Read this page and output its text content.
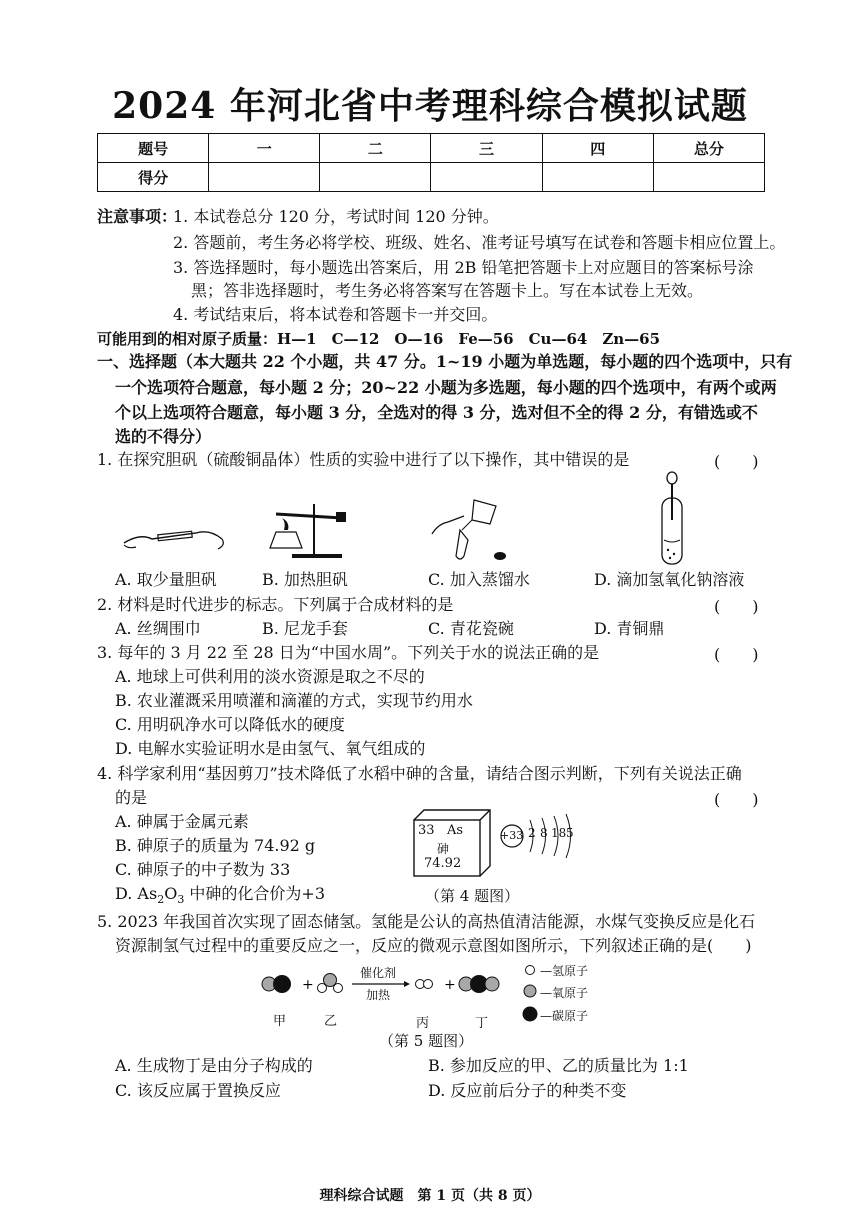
2024 年河北省中考理科综合模拟试题
题号	一	二	三	四	总分
得分					
注意事项：
1. 本试卷总分 120 分，考试时间 120 分钟。
2. 答题前，考生务必将学校、班级、姓名、准考证号填写在试卷和答题卡相应位置上。
3. 答选择题时，每小题选出答案后，用 2B 铅笔把答题卡上对应题目的答案标号涂
黑；答非选择题时，考生务必将答案写在答题卡上。写在本试卷上无效。
4. 考试结束后，将本试卷和答题卡一并交回。
可能用到的相对原子质量：H—1　C—12　O—16　Fe—56　Cu—64　Zn—65
一、选择题（本大题共 22 个小题，共 47 分。1~19 小题为单选题，每小题的四个选项中，只有
一个选项符合题意，每小题 2 分；20~22 小题为多选题，每小题的四个选项中，有两个或两
个以上选项符合题意，每小题 3 分，全选对的得 3 分，选对但不全的得 2 分，有错选或不
选的不得分）
1. 在探究胆矾（硫酸铜晶体）性质的实验中进行了以下操作，其中错误的是	(　　)
A. 取少量胆矾	B. 加热胆矾	C. 加入蒸馏水	D. 滴加氢氧化钠溶液
2. 材料是时代进步的标志。下列属于合成材料的是	(　　)
A. 丝绸围巾	B. 尼龙手套	C. 青花瓷碗	D. 青铜鼎
3. 每年的 3 月 22 至 28 日为“中国水周”。下列关于水的说法正确的是	(　　)
A. 地球上可供利用的淡水资源是取之不尽的
B. 农业灌溉采用喷灌和滴灌的方式，实现节约用水
C. 用明矾净水可以降低水的硬度
D. 电解水实验证明水是由氢气、氧气组成的
4. 科学家利用“基因剪刀”技术降低了水稻中砷的含量，请结合图示判断，下列有关说法正确
的是	(　　)
A. 砷属于金属元素
B. 砷原子的质量为 74.92 g
C. 砷原子的中子数为 33
D. $As_2O_3$ 中砷的化合价为+3
33 As
砷
74.92
+33 2 8 18 5
（第 4 题图）
5. 2023 年我国首次实现了固态储氢。氢能是公认的高热值清洁能源，水煤气变换反应是化石
资源制氢气过程中的重要反应之一，反应的微观示意图如图所示，下列叙述正确的是(　　)
+	+
催化剂
加热
—氢原子
—氧原子
—碳原子
甲	乙	丙	丁
（第 5 题图）
A. 生成物丁是由分子构成的	B. 参加反应的甲、乙的质量比为 1:1
C. 该反应属于置换反应	D. 反应前后分子的种类不变
理科综合试题　第 1 页（共 8 页）
